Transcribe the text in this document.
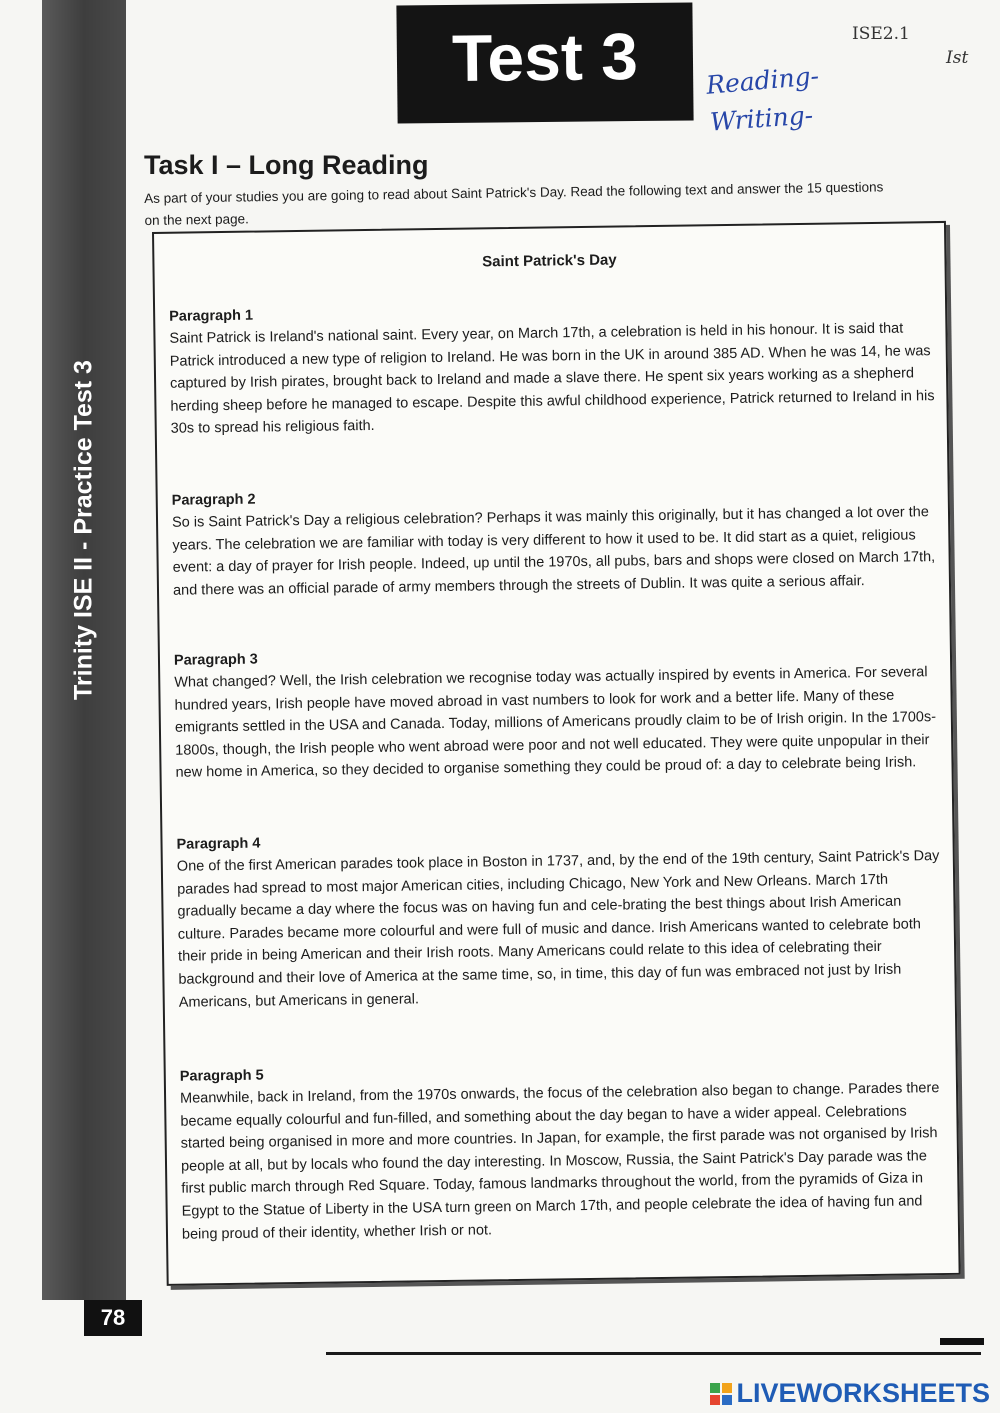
Trinity ISE II - Practice Test 3
78
Test 3	ISE2.1
Ist
Reading-
Writing-
Task I – Long Reading
As part of your studies you are going to read about Saint Patrick's Day. Read the following text and answer the 15 questions on the next page.
Saint Patrick's Day
Paragraph 1

Saint Patrick is Ireland's national saint. Every year, on March 17th, a celebration is held in his honour. It is said that Patrick introduced a new type of religion to Ireland. He was born in the UK in around 385 AD. When he was 14, he was captured by Irish pirates, brought back to Ireland and made a slave there. He spent six years working as a shepherd herding sheep before he managed to escape. Despite this awful childhood experience, Patrick returned to Ireland in his 30s to spread his religious faith.

Paragraph 2

So is Saint Patrick's Day a religious celebration? Perhaps it was mainly this originally, but it has changed a lot over the years. The celebration we are familiar with today is very different to how it used to be. It did start as a quiet, religious event: a day of prayer for Irish people. Indeed, up until the 1970s, all pubs, bars and shops were closed on March 17th, and there was an official parade of army members through the streets of Dublin. It was quite a serious affair.

Paragraph 3

What changed? Well, the Irish celebration we recognise today was actually inspired by events in America. For several hundred years, Irish people have moved abroad in vast numbers to look for work and a better life. Many of these emigrants settled in the USA and Canada. Today, millions of Americans proudly claim to be of Irish origin. In the 1700s-1800s, though, the Irish people who went abroad were poor and not well educated. They were quite unpopular in their new home in America, so they decided to organise something they could be proud of: a day to celebrate being Irish.

Paragraph 4

One of the first American parades took place in Boston in 1737, and, by the end of the 19th century, Saint Patrick's Day parades had spread to most major American cities, including Chicago, New York and New Orleans. March 17th gradually became a day where the focus was on having fun and cele-brating the best things about Irish American culture. Parades became more colourful and were full of music and dance. Irish Americans wanted to celebrate both their pride in being American and their Irish roots. Many Americans could relate to this idea of celebrating their background and their love of America at the same time, so, in time, this day of fun was embraced not just by Irish Americans, but Americans in general.

Paragraph 5

Meanwhile, back in Ireland, from the 1970s onwards, the focus of the celebration also began to change. Parades there became equally colourful and fun-filled, and something about the day began to have a wider appeal. Celebrations started being organised in more and more countries. In Japan, for example, the first parade was not organised by Irish people at all, but by locals who found the day interesting. In Moscow, Russia, the Saint Patrick's Day parade was the first public march through Red Square. Today, famous landmarks throughout the world, from the pyramids of Giza in Egypt to the Statue of Liberty in the USA turn green on March 17th, and people celebrate the idea of having fun and being proud of their identity, whether Irish or not.

LIVEWORKSHEETS
